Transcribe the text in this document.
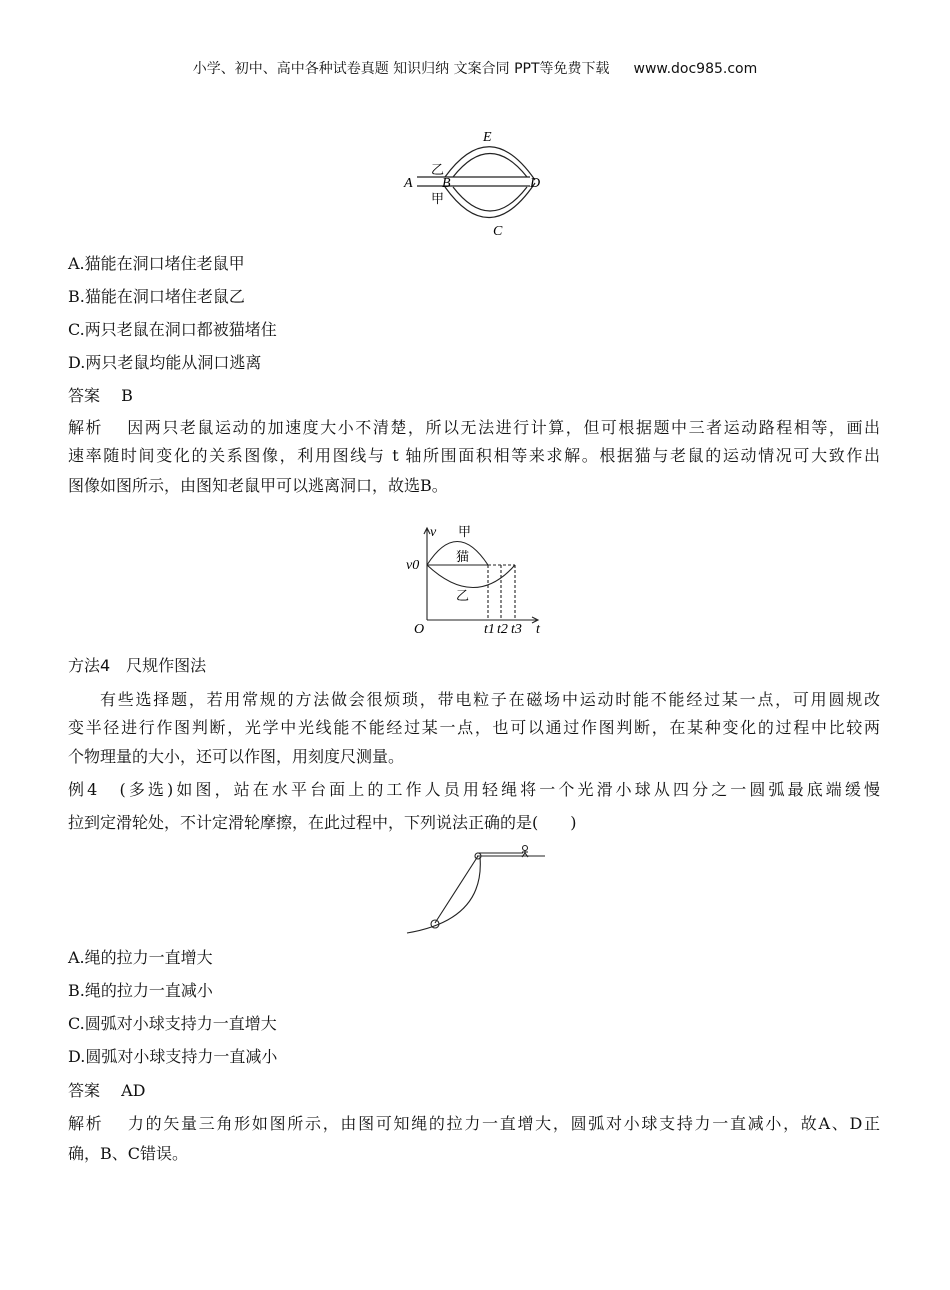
小学、初中、高中各种试卷真题 知识归纳 文案合同 PPT等免费下载 www.doc985.com
E
乙
A B	D
甲
C
A.猫能在洞口堵住老鼠甲
B.猫能在洞口堵住老鼠乙
C.两只老鼠在洞口都被猫堵住
D.两只老鼠均能从洞口逃离
答案　 B
解析　 因两只老鼠运动的加速度大小不清楚，所以无法进行计算，但可根据题中三者运动路程相等，画出
速率随时间变化的关系图像，利用图线与 t 轴所围面积相等来求解。根据猫与老鼠的运动情况可大致作出
图像如图所示，由图知老鼠甲可以逃离洞口，故选B。
v 甲
猫
v0
乙
O	t1 t2 t3 t
方法4　尺规作图法
有些选择题，若用常规的方法做会很烦琐，带电粒子在磁场中运动时能不能经过某一点，可用圆规改
变半径进行作图判断，光学中光线能不能经过某一点，也可以通过作图判断，在某种变化的过程中比较两
个物理量的大小，还可以作图，用刻度尺测量。
例4　(多选)如图，站在水平台面上的工作人员用轻绳将一个光滑小球从四分之一圆弧最底端缓慢
拉到定滑轮处，不计定滑轮摩擦，在此过程中，下列说法正确的是(　　)
A.绳的拉力一直增大
B.绳的拉力一直减小
C.圆弧对小球支持力一直增大
D.圆弧对小球支持力一直减小
答案　 AD
解析　 力的矢量三角形如图所示，由图可知绳的拉力一直增大，圆弧对小球支持力一直减小，故A、D正
确，B、C错误。
